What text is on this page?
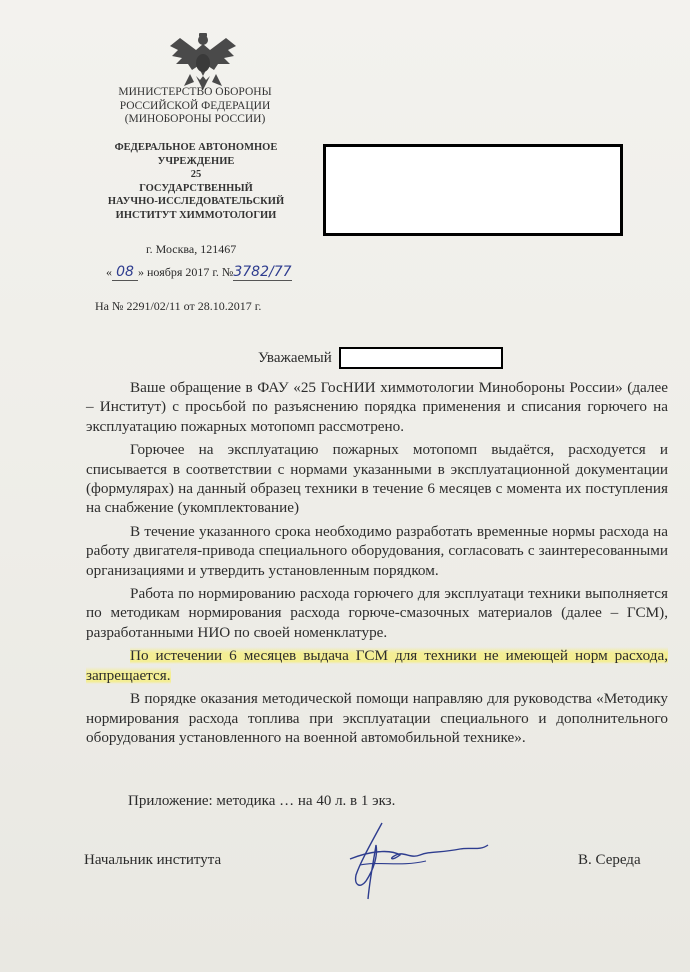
МИНИСТЕРСТВО ОБОРОНЫ
РОССИЙСКОЙ ФЕДЕРАЦИИ
(МИНОБОРОНЫ РОССИИ)
ФЕДЕРАЛЬНОЕ АВТОНОМНОЕ
УЧРЕЖДЕНИЕ
25
ГОСУДАРСТВЕННЫЙ
НАУЧНО-ИССЛЕДОВАТЕЛЬСКИЙ
ИНСТИТУТ ХИММОТОЛОГИИ
г. Москва, 121467
« 08 » ноября 2017 г. №3782/77
На № 2291/02/11 от 28.10.2017 г.
Уважаемый

Ваше обращение в ФАУ «25 ГосНИИ химмотологии Минобороны России» (далее – Институт) с просьбой по разъяснению порядка применения и списания горючего на эксплуатацию пожарных мотопомп рассмотрено.

Горючее на эксплуатацию пожарных мотопомп выдаётся, расходуется и списывается в соответствии с нормами указанными в эксплуатационной документации (формулярах) на данный образец техники в течение 6 месяцев с момента их поступления на снабжение (укомплектование)

В течение указанного срока необходимо разработать временные нормы расхода на работу двигателя-привода специального оборудования, согласовать с заинтересованными организациями и утвердить установленным порядком.

Работа по нормированию расхода горючего для эксплуатаци техники выполняется по методикам нормирования расхода горюче-смазочных материалов (далее – ГСМ), разработанными НИО по своей номенклатуре.

По истечении 6 месяцев выдача ГСМ для техники не имеющей норм расхода, запрещается.

В порядке оказания методической помощи направляю для руководства «Методику нормирования расхода топлива при эксплуатации специального и дополнительного оборудования установленного на военной автомобильной технике».

Приложение: методика … на 40 л. в 1 экз.
Начальник института	В. Середа
